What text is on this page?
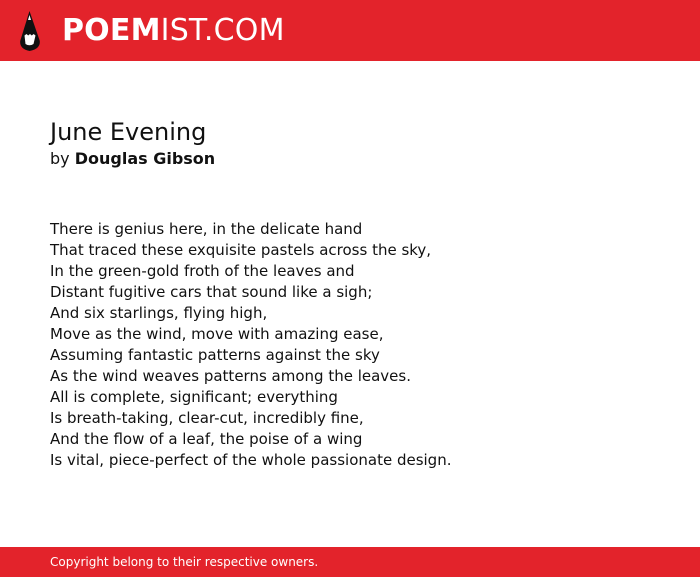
POEMIST.COM
June Evening
by Douglas Gibson
There is genius here, in the delicate hand
That traced these exquisite pastels across the sky,
In the green-gold froth of the leaves and
Distant fugitive cars that sound like a sigh;
And six starlings, flying high,
Move as the wind, move with amazing ease,
Assuming fantastic patterns against the sky
As the wind weaves patterns among the leaves.
All is complete, significant; everything
Is breath-taking, clear-cut, incredibly fine,
And the flow of a leaf, the poise of a wing
Is vital, piece-perfect of the whole passionate design.
Copyright belong to their respective owners.
